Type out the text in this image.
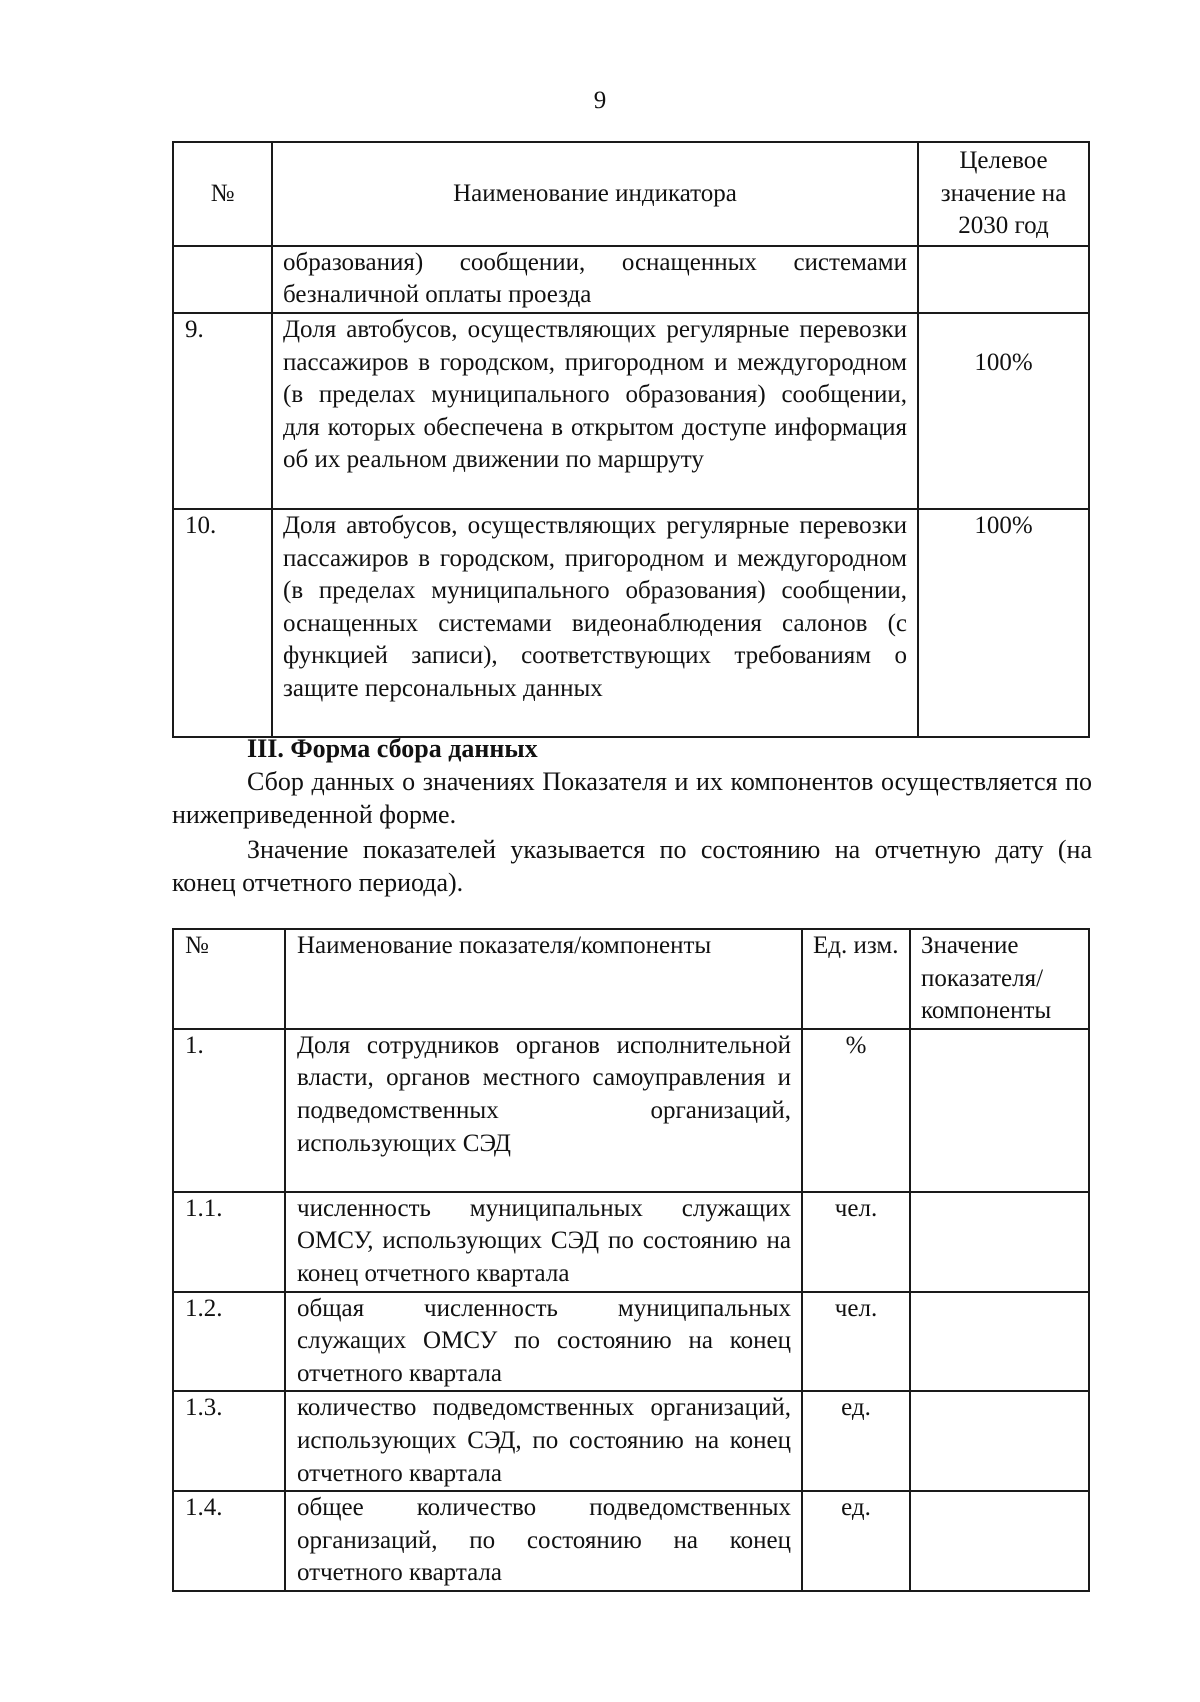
9
№	Наименование индикатора	Целевое значение на 2030 год
	образования) сообщении, оснащенных системами безналичной оплаты проезда	
9.	Доля автобусов, осуществляющих регулярные перевозки пассажиров в городском, пригородном и междугородном (в пределах муниципального образования) сообщении, для которых обеспечена в открытом доступе информация об их реальном движении по маршруту	100%
10.	Доля автобусов, осуществляющих регулярные перевозки пассажиров в городском, пригородном и междугородном (в пределах муниципального образования) сообщении, оснащенных системами видеонаблюдения салонов (с функцией записи), соответствующих требованиям о защите персональных данных	100%
III. Форма сбора данных

Сбор данных о значениях Показателя и их компонентов осуществляется по нижеприведенной форме.

Значение показателей указывается по состоянию на отчетную дату (на конец отчетного периода).

№	Наименование показателя/компоненты	Ед. изм.	Значение показателя/ компоненты
1.	Доля сотрудников органов исполнительной власти, органов местного самоуправления и подведомственных организаций, использующих СЭД	%	
1.1.	численность муниципальных служащих ОМСУ, использующих СЭД по состоянию на конец отчетного квартала	чел.	
1.2.	общая численность муниципальных служащих ОМСУ по состоянию на конец отчетного квартала	чел.	
1.3.	количество подведомственных организаций, использующих СЭД, по состоянию на конец отчетного квартала	ед.	
1.4.	общее количество подведомственных организаций, по состоянию на конец отчетного квартала	ед.	
